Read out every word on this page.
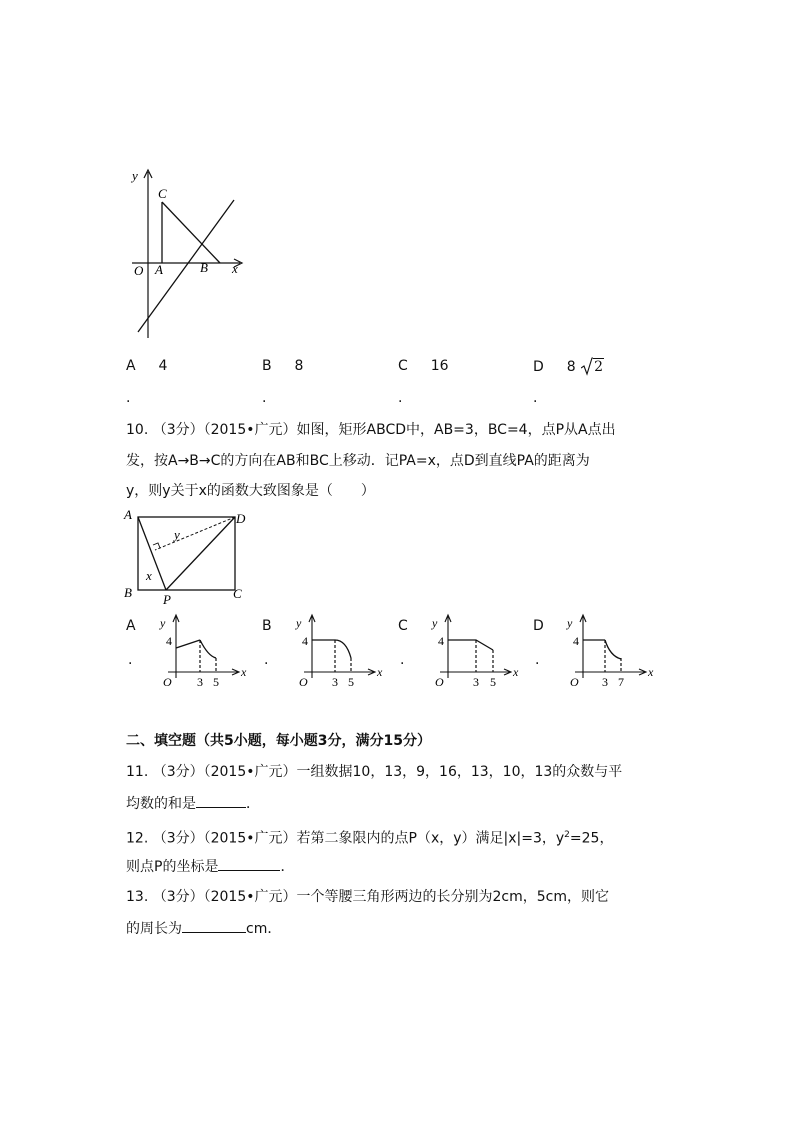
y
C
O A	B x
A 4
.
B 8
.
C 16
.
D 8 2
.
10. （3分）（2015•广元）如图，矩形ABCD中，AB=3，BC=4，点P从A点出
发，按A→B→C的方向在AB和BC上移动．记PA=x，点D到直线PA的距离为
y，则y关于x的函数大致图象是（　　）
A	D
B	C
P
x
y
A
.
y
4
O 3 5
x
B
.
y
4
O 3 5
x
C
.
y
4
O 3 5
x
D
.
y
4
O 3 7
x
二、填空题（共5小题，每小题3分，满分15分）
11. （3分）（2015•广元）一组数据10，13，9，16，13，10，13的众数与平
均数的和是	．
12. （3分）（2015•广元）若第二象限内的点P（x，y）满足|x|=3，$y^2=25$，
则点P的坐标是	．
13. （3分）（2015•广元）一个等腰三角形两边的长分别为2cm，5cm，则它
的周长为	cm．
